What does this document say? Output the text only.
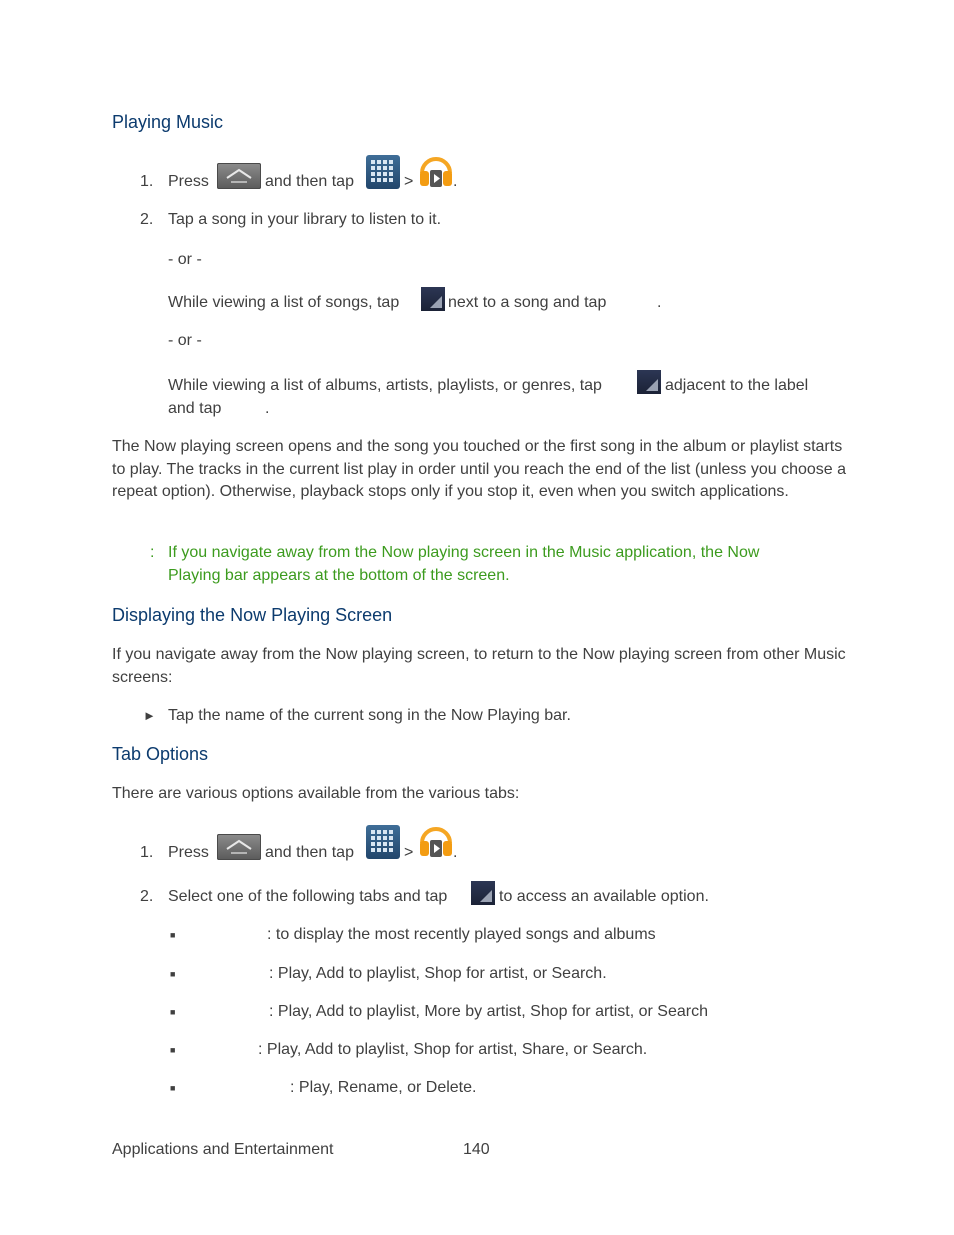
Playing Music
1. Press	and then tap	> .
2. Tap a song in your library to listen to it.
- or -
While viewing a list of songs, tap	next to a song and tap	.
- or -
While viewing a list of albums, artists, playlists, or genres, tap	adjacent to the label
and tap	.
The Now playing screen opens and the song you touched or the first song in the album or playlist starts to play. The tracks in the current list play in order until you reach the end of the list (unless you choose a repeat option). Otherwise, playback stops only if you stop it, even when you switch applications.
: If you navigate away from the Now playing screen in the Music application, the Now
Playing bar appears at the bottom of the screen.
Displaying the Now Playing Screen
If you navigate away from the Now playing screen, to return to the Now playing screen from other Music screens:
► Tap the name of the current song in the Now Playing bar.
Tab Options
There are various options available from the various tabs:
1. Press	and then tap	> .
2. Select one of the following tabs and tap	to access an available option.
■	: to display the most recently played songs and albums
■	: Play, Add to playlist, Shop for artist, or Search.
■	: Play, Add to playlist, More by artist, Shop for artist, or Search
■	: Play, Add to playlist, Shop for artist, Share, or Search.
■	: Play, Rename, or Delete.
Applications and Entertainment	140
